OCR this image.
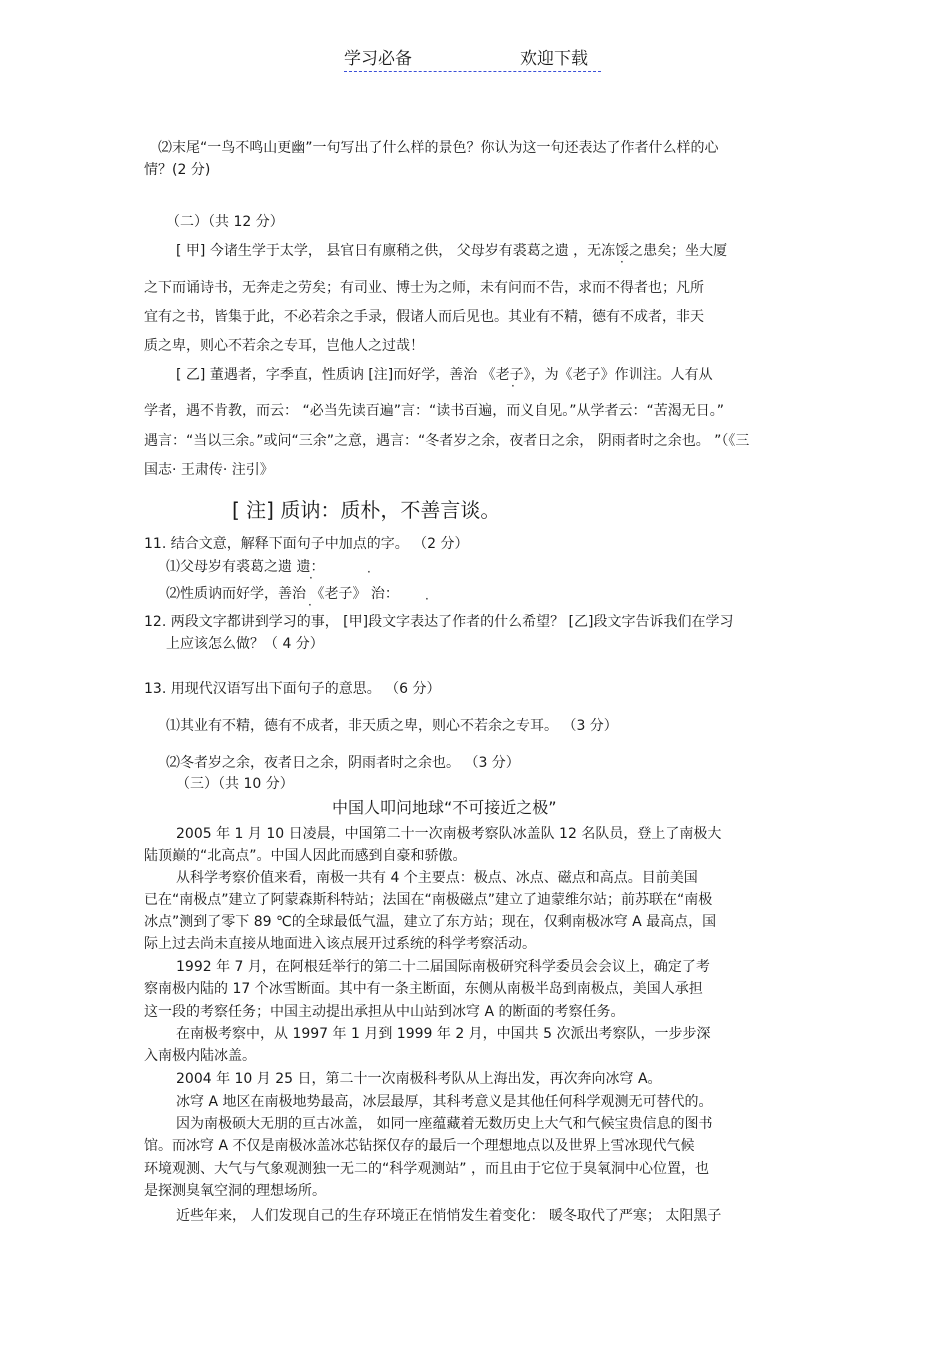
学习必备	欢迎下载
⑵末尾“一鸟不鸣山更幽”一句写出了什么样的景色？你认为这一句还表达了作者什么样的心
情？(2 分)
（二）（共 12 分）
[ 甲] 今诸生学于太学， 县官日有廪稍之供， 父母岁有裘葛之遗 ，无冻馁之患矣；坐大厦
之下而诵诗书，无奔走之劳矣；有司业、博士为之师，未有问而不告，求而不得者也；凡所
宜有之书，皆集于此，不必若余之手录，假诸人而后见也。其业有不精，德有不成者，非天
质之卑，则心不若余之专耳，岂他人之过哉！
[ 乙] 董遇者，字季直，性质讷 [注]而好学，善治 《老子》，为《老子》作训注。人有从
学者，遇不肯教，而云： “必当先读百遍”言：“读书百遍，而义自见。”从学者云：“苦渴无日。”
遇言：“当以三余。”或问“三余”之意，遇言：“冬者岁之余，夜者日之余， 阴雨者时之余也。 ”（《三
国志· 王肃传· 注引》
[ 注] 质讷：质朴，不善言谈。
11. 结合文意，解释下面句子中加点的字。 （2 分）
⑴父母岁有裘葛之遗 遗：
⑵性质讷而好学，善治 《老子》 治：
12. 两段文字都讲到学习的事， [甲]段文字表达了作者的什么希望？ [乙]段文字告诉我们在学习
上应该怎么做？（ 4 分）
13. 用现代汉语写出下面句子的意思。 （6 分）
⑴其业有不精，德有不成者，非天质之卑，则心不若余之专耳。 （3 分）
⑵冬者岁之余，夜者日之余，阴雨者时之余也。 （3 分）
（三）（共 10 分）
中国人叩问地球“不可接近之极”
2005 年 1 月 10 日凌晨，中国第二十一次南极考察队冰盖队 12 名队员，登上了南极大
陆顶巅的“北高点”。中国人因此而感到自豪和骄傲。
从科学考察价值来看，南极一共有 4 个主要点：极点、冰点、磁点和高点。目前美国
已在“南极点”建立了阿蒙森斯科特站；法国在“南极磁点”建立了迪蒙维尔站；前苏联在“南极
冰点”测到了零下 89 ℃的全球最低气温，建立了东方站；现在，仅剩南极冰穹 A 最高点，国
际上过去尚未直接从地面进入该点展开过系统的科学考察活动。
1992 年 7 月，在阿根廷举行的第二十二届国际南极研究科学委员会会议上，确定了考
察南极内陆的 17 个冰雪断面。其中有一条主断面，东侧从南极半岛到南极点，美国人承担
这一段的考察任务；中国主动提出承担从中山站到冰穹 A 的断面的考察任务。
在南极考察中，从 1997 年 1 月到 1999 年 2 月，中国共 5 次派出考察队，一步步深
入南极内陆冰盖。
2004 年 10 月 25 日，第二十一次南极科考队从上海出发，再次奔向冰穹 A。
冰穹 A 地区在南极地势最高，冰层最厚，其科考意义是其他任何科学观测无可替代的。
因为南极硕大无朋的亘古冰盖， 如同一座蕴藏着无数历史上大气和气候宝贵信息的图书
馆。而冰穹 A 不仅是南极冰盖冰芯钻探仅存的最后一个理想地点以及世界上雪冰现代气候
环境观测、大气与气象观测独一无二的“科学观测站” ，而且由于它位于臭氧洞中心位置，也
是探测臭氧空洞的理想场所。
近些年来， 人们发现自己的生存环境正在悄悄发生着变化： 暖冬取代了严寒； 太阳黑子
·
·
·	·
·	·
